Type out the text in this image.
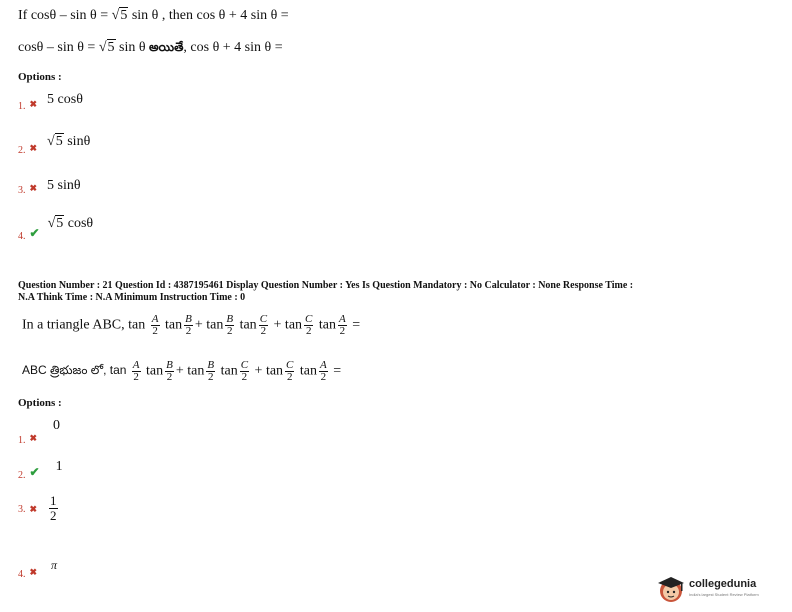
If cosθ – sin θ = √5 sin θ , then cos θ + 4 sin θ =
cosθ – sin θ = √5 sin θ అయితే, cos θ + 4 sin θ =
Options :
$_{1.}$ $_✖$ 5 cosθ
$_{2.}$ $_✖$ √5 sinθ
$_{3.}$ ✖ 5 sinθ
$_{4.}$ $_✔$ √5 cosθ
Question Number : 21 Question Id : 4387195461 Display Question Number : Yes Is Question Mandatory : No Calculator : None Response Time :
N.A Think Time : N.A Minimum Instruction Time : 0
In a triangle ABC, $\tan \frac{A}{2}$ $\tan \frac{B}{2} + \tan \frac{B}{2}$ $\tan \frac{C}{2} + \tan \frac{C}{2}$ $\tan \frac{A}{2}$ =
ABC త్రిభుజం లో, $\tan \frac{A}{2}$ $\tan \frac{B}{2} + \tan \frac{B}{2}$ $\tan \frac{C}{2} + \tan \frac{C}{2}$ $\tan \frac{A}{2}$ =
Options :
$_{1.}$ $_✖$ 0
$_{2.}$ $_✔$ 1
3. ✖ $\frac{1}{2}$
$_{4.}$ $_✖$ π
collegedunia
India's largest Student Review Platform
